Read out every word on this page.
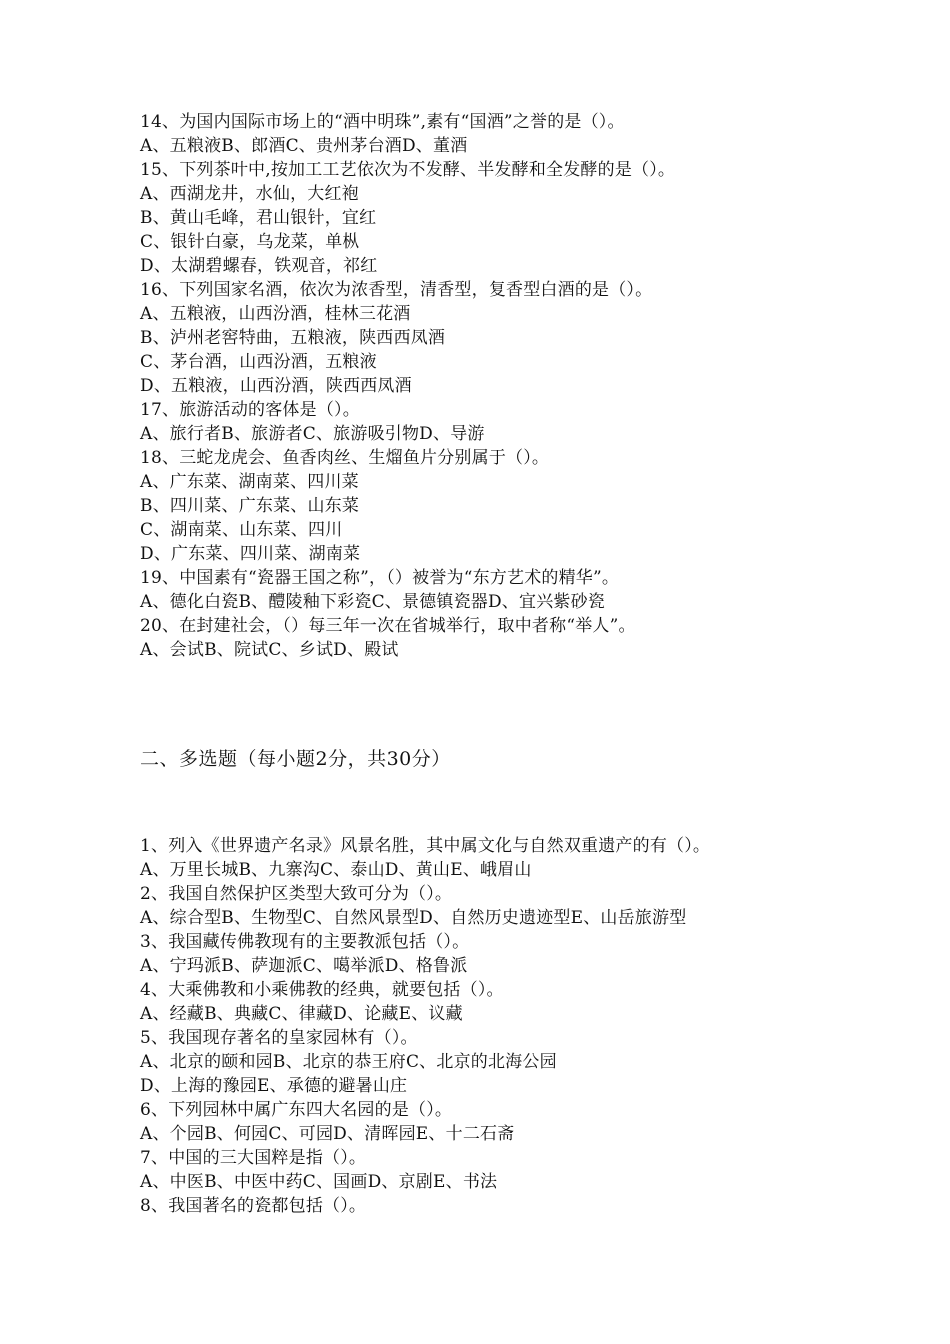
14、为国内国际市场上的“酒中明珠”,素有“国酒”之誉的是（）。
A、五粮液B、郎酒C、贵州茅台酒D、董酒
15、下列茶叶中,按加工工艺依次为不发酵、半发酵和全发酵的是（）。
A、西湖龙井，水仙，大红袍
B、黄山毛峰，君山银针，宜红
C、银针白豪，乌龙菜，单枞
D、太湖碧螺春，铁观音，祁红
16、下列国家名酒，依次为浓香型，清香型，复香型白酒的是（）。
A、五粮液，山西汾酒，桂林三花酒
B、泸州老窖特曲，五粮液，陕西西凤酒
C、茅台酒，山西汾酒，五粮液
D、五粮液，山西汾酒，陕西西凤酒
17、旅游活动的客体是（）。
A、旅行者B、旅游者C、旅游吸引物D、导游
18、三蛇龙虎会、鱼香肉丝、生熘鱼片分别属于（）。
A、广东菜、湖南菜、四川菜
B、四川菜、广东菜、山东菜
C、湖南菜、山东菜、四川
D、广东菜、四川菜、湖南菜
19、中国素有“瓷器王国之称”，（）被誉为“东方艺术的精华”。
A、德化白瓷B、醴陵釉下彩瓷C、景德镇瓷器D、宜兴紫砂瓷
20、在封建社会，（）每三年一次在省城举行，取中者称“举人”。
A、会试B、院试C、乡试D、殿试
二、多选题（每小题2分，共30分）
1、列入《世界遗产名录》风景名胜，其中属文化与自然双重遗产的有（）。
A、万里长城B、九寨沟C、泰山D、黄山E、峨眉山
2、我国自然保护区类型大致可分为（）。
A、综合型B、生物型C、自然风景型D、自然历史遗迹型E、山岳旅游型
3、我国藏传佛教现有的主要教派包括（）。
A、宁玛派B、萨迦派C、噶举派D、格鲁派
4、大乘佛教和小乘佛教的经典，就要包括（）。
A、经藏B、典藏C、律藏D、论藏E、议藏
5、我国现存著名的皇家园林有（）。
A、北京的颐和园B、北京的恭王府C、北京的北海公园
D、上海的豫园E、承德的避暑山庄
6、下列园林中属广东四大名园的是（）。
A、个园B、何园C、可园D、清晖园E、十二石斋
7、中国的三大国粹是指（）。
A、中医B、中医中药C、国画D、京剧E、书法
8、我国著名的瓷都包括（）。
